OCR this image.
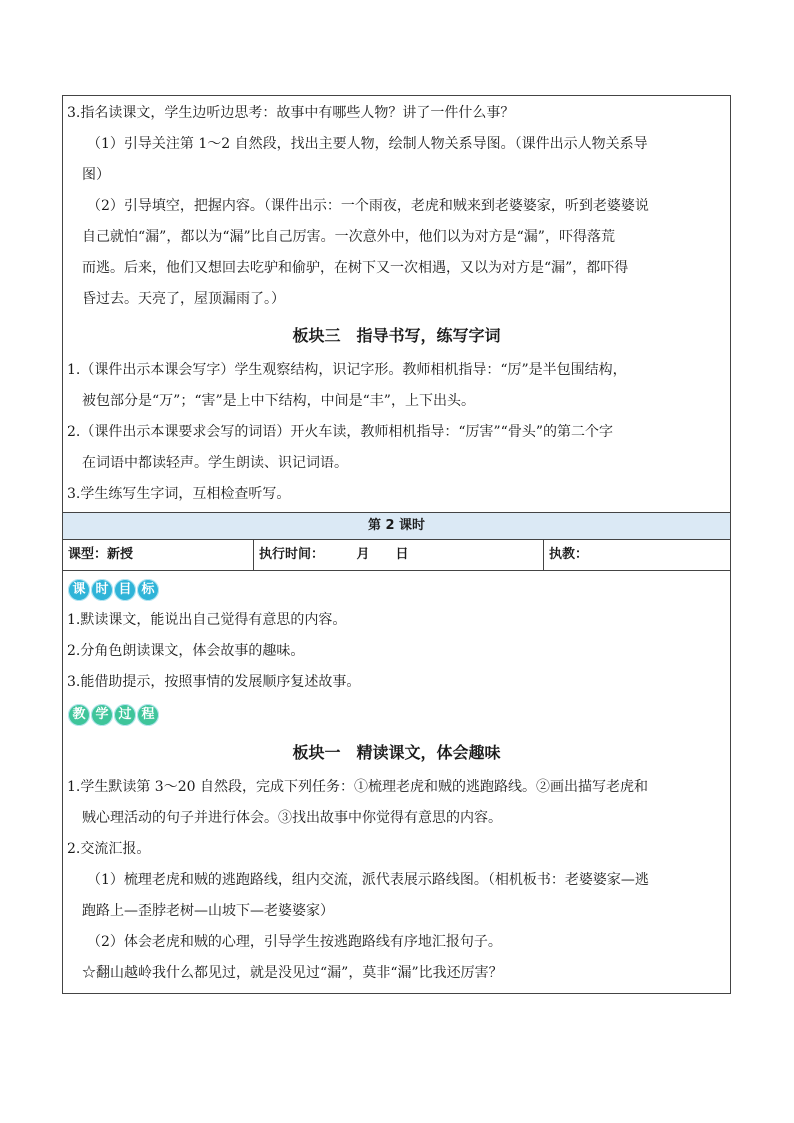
3.指名读课文，学生边听边思考：故事中有哪些人物？讲了一件什么事？

（1）引导关注第 1～2 自然段，找出主要人物，绘制人物关系导图。（课件出示人物关系导

图）

（2）引导填空，把握内容。（课件出示：一个雨夜，老虎和贼来到老婆婆家，听到老婆婆说

自己就怕“漏”，都以为“漏”比自己厉害。一次意外中，他们以为对方是“漏”，吓得落荒

而逃。后来，他们又想回去吃驴和偷驴，在树下又一次相遇，又以为对方是“漏”，都吓得

昏过去。天亮了，屋顶漏雨了。）

板块三　指导书写，练写字词

1.（课件出示本课会写字）学生观察结构，识记字形。教师相机指导：“厉”是半包围结构，

被包部分是“万”；“害”是上中下结构，中间是“丰”，上下出头。

2.（课件出示本课要求会写的词语）开火车读，教师相机指导：“厉害”“骨头”的第二个字

在词语中都读轻声。学生朗读、识记词语。

3.学生练写生字词，互相检查听写。

第 2 课时
课型：新授	执行时间：　　　月　　日	执教：
课 时 目 标

1.默读课文，能说出自己觉得有意思的内容。

2.分角色朗读课文，体会故事的趣味。

3.能借助提示，按照事情的发展顺序复述故事。

教 学 过 程
板块一　精读课文，体会趣味

1.学生默读第 3～20 自然段，完成下列任务：①梳理老虎和贼的逃跑路线。②画出描写老虎和

贼心理活动的句子并进行体会。③找出故事中你觉得有意思的内容。

2.交流汇报。

（1）梳理老虎和贼的逃跑路线，组内交流，派代表展示路线图。（相机板书：老婆婆家—逃

跑路上—歪脖老树—山坡下—老婆婆家）

（2）体会老虎和贼的心理，引导学生按逃跑路线有序地汇报句子。

☆翻山越岭我什么都见过，就是没见过“漏”，莫非“漏”比我还厉害？
